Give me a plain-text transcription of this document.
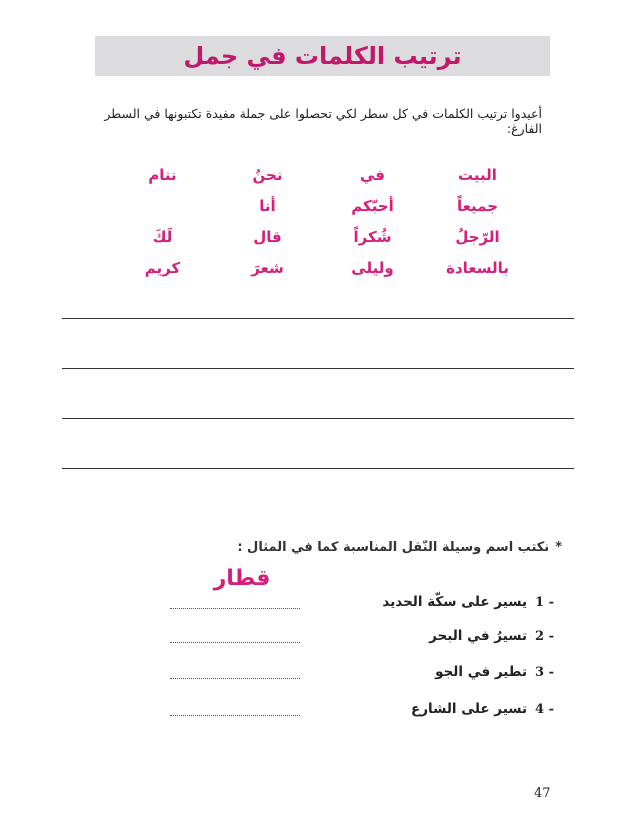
ترتيب الكلمات في جمل
أعيدوا ترتيب الكلمات في كل سطر لكي تحصلوا على جملة مفيدة تكتبونها في السطر الفارغ:
البيت
في
نحنُ
ننام
جميعاً
أحبّكم
أنا
الرّجلُ
شُكراً
قال
لَكَ
بالسعادة
وليلى
شعرَ
كريم
*نكتب اسم وسيلة النّقل المناسبة كما في المثال :
قطار
1 -
يسير على سكّة الحديد
2 -
تسيرُ في البحر
3 -
تطير في الجو
4 -
تسير على الشارع
47
